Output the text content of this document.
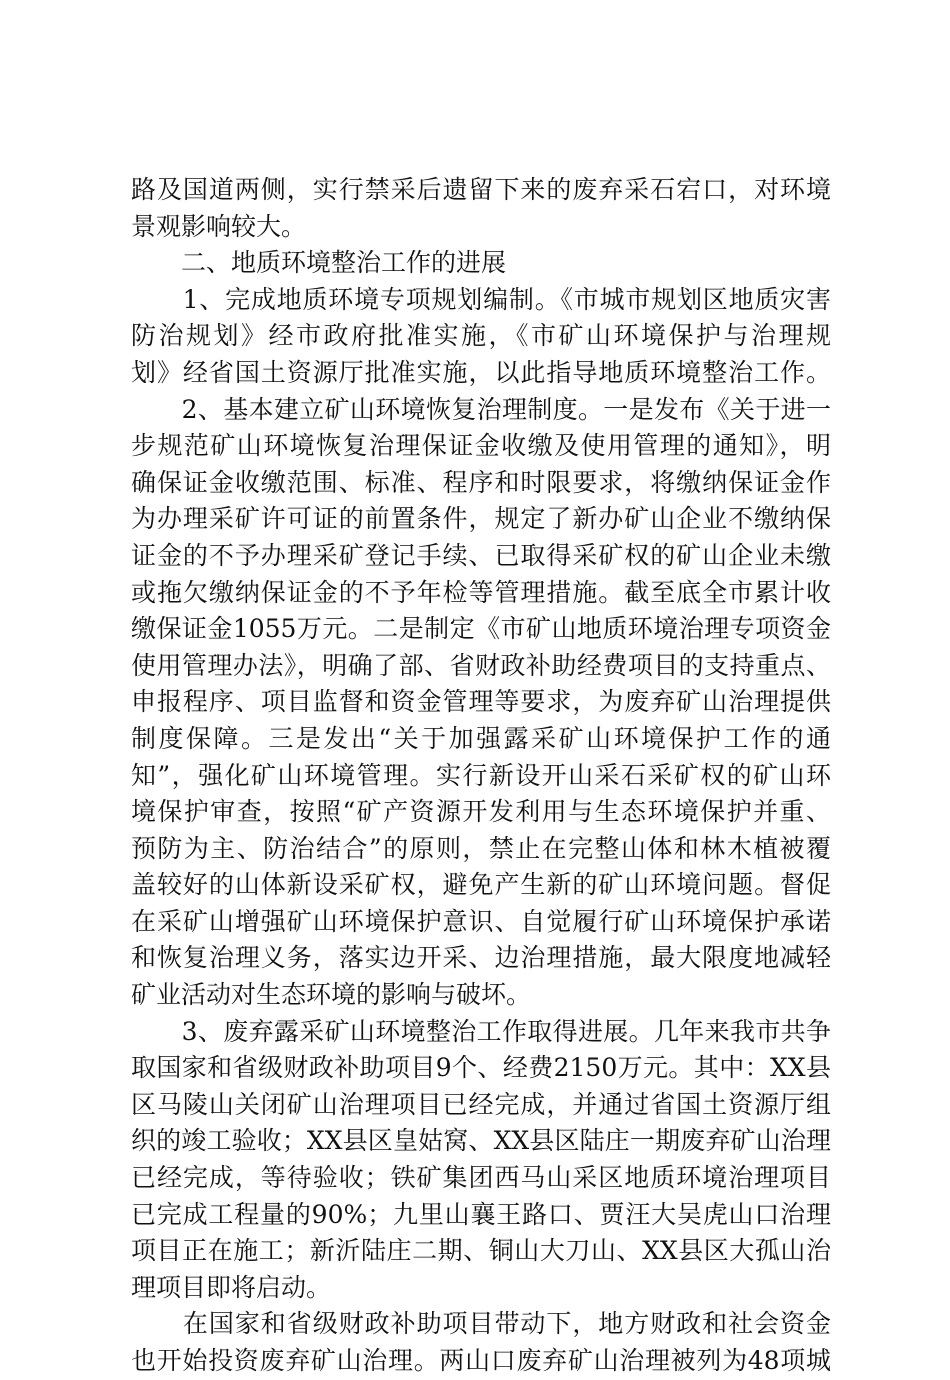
路及国道两侧，实行禁采后遗留下来的废弃采石宕口，对环境
景观影响较大。
　　二、地质环境整治工作的进展
　　1、完成地质环境专项规划编制。《市城市规划区地质灾害
防治规划》经市政府批准实施，《市矿山环境保护与治理规
划》经省国土资源厅批准实施，以此指导地质环境整治工作。
　　2、基本建立矿山环境恢复治理制度。一是发布《关于进一
步规范矿山环境恢复治理保证金收缴及使用管理的通知》，明
确保证金收缴范围、标准、程序和时限要求，将缴纳保证金作
为办理采矿许可证的前置条件，规定了新办矿山企业不缴纳保
证金的不予办理采矿登记手续、已取得采矿权的矿山企业未缴
或拖欠缴纳保证金的不予年检等管理措施。截至底全市累计收
缴保证金1055万元。二是制定《市矿山地质环境治理专项资金
使用管理办法》，明确了部、省财政补助经费项目的支持重点、
申报程序、项目监督和资金管理等要求，为废弃矿山治理提供
制度保障。三是发出“关于加强露采矿山环境保护工作的通
知”，强化矿山环境管理。实行新设开山采石采矿权的矿山环
境保护审查，按照“矿产资源开发利用与生态环境保护并重、
预防为主、防治结合”的原则，禁止在完整山体和林木植被覆
盖较好的山体新设采矿权，避免产生新的矿山环境问题。督促
在采矿山增强矿山环境保护意识、自觉履行矿山环境保护承诺
和恢复治理义务，落实边开采、边治理措施，最大限度地减轻
矿业活动对生态环境的影响与破坏。
　　3、废弃露采矿山环境整治工作取得进展。几年来我市共争
取国家和省级财政补助项目9个、经费2150万元。其中：XX县
区马陵山关闭矿山治理项目已经完成，并通过省国土资源厅组
织的竣工验收；XX县区皇姑窝、XX县区陆庄一期废弃矿山治理
已经完成，等待验收；铁矿集团西马山采区地质环境治理项目
已完成工程量的90%；九里山襄王路口、贾汪大吴虎山口治理
项目正在施工；新沂陆庄二期、铜山大刀山、XX县区大孤山治
理项目即将启动。
　　在国家和省级财政补助项目带动下，地方财政和社会资金
也开始投资废弃矿山治理。两山口废弃矿山治理被列为48项城
